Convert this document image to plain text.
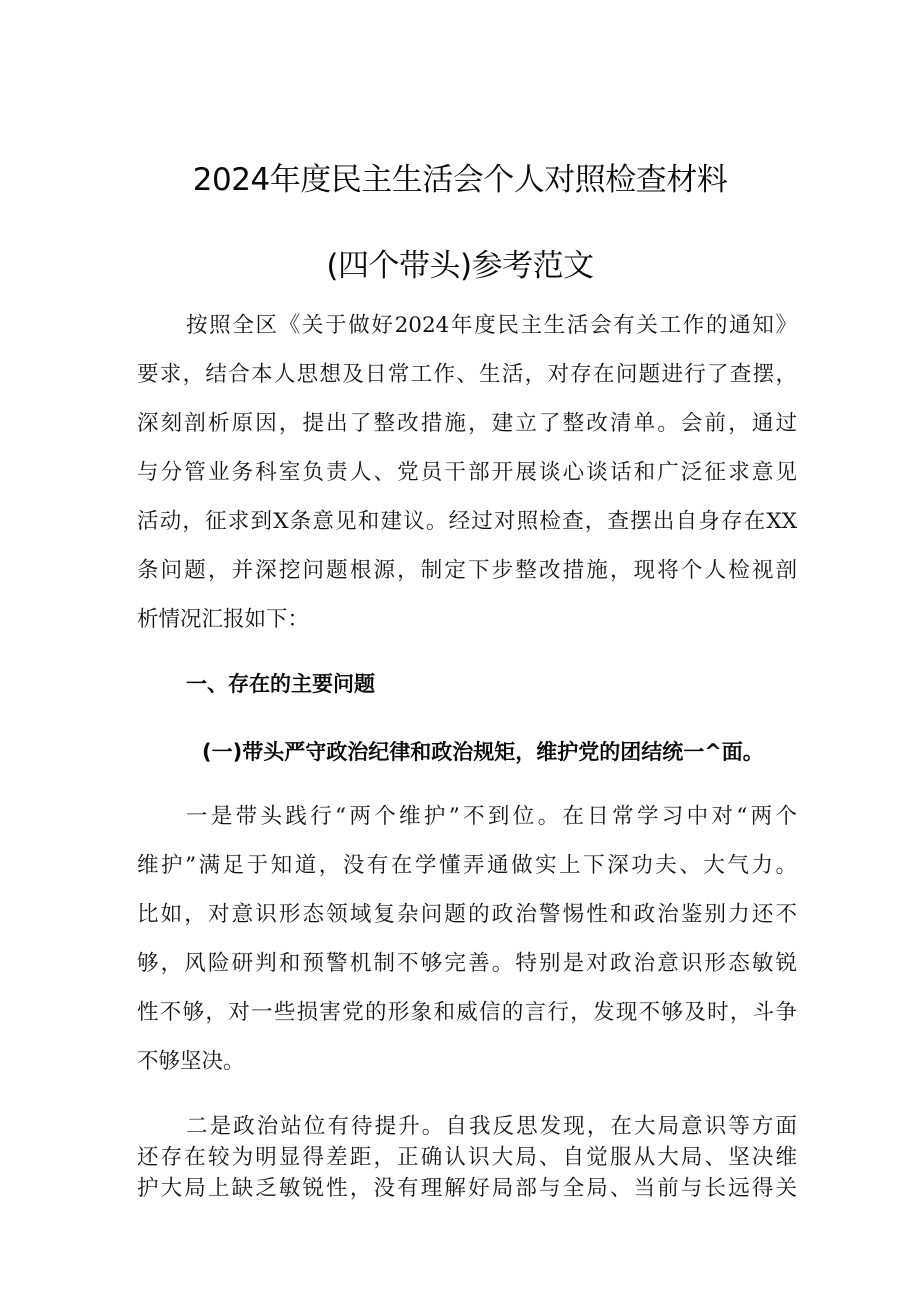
2024年度民主生活会个人对照检查材料
(四个带头)参考范文
按照全区《关于做好2024年度民主生活会有关工作的通知》
要求，结合本人思想及日常工作、生活，对存在问题进行了查摆，
深刻剖析原因，提出了整改措施，建立了整改清单。会前，通过
与分管业务科室负责人、党员干部开展谈心谈话和广泛征求意见
活动，征求到X条意见和建议。经过对照检查，查摆出自身存在XX
条问题，并深挖问题根源，制定下步整改措施，现将个人检视剖
析情况汇报如下：
一、存在的主要问题
(一)带头严守政治纪律和政治规矩，维护党的团结统一^面。
一是带头践行“两个维护”不到位。在日常学习中对“两个
维护”满足于知道，没有在学懂弄通做实上下深功夫、大气力。
比如，对意识形态领域复杂问题的政治警惕性和政治鉴别力还不
够，风险研判和预警机制不够完善。特别是对政治意识形态敏锐
性不够，对一些损害党的形象和威信的言行，发现不够及时，斗争
不够坚决。
二是政治站位有待提升。自我反思发现，在大局意识等方面
还存在较为明显得差距，正确认识大局、自觉服从大局、坚决维
护大局上缺乏敏锐性，没有理解好局部与全局、当前与长远得关
